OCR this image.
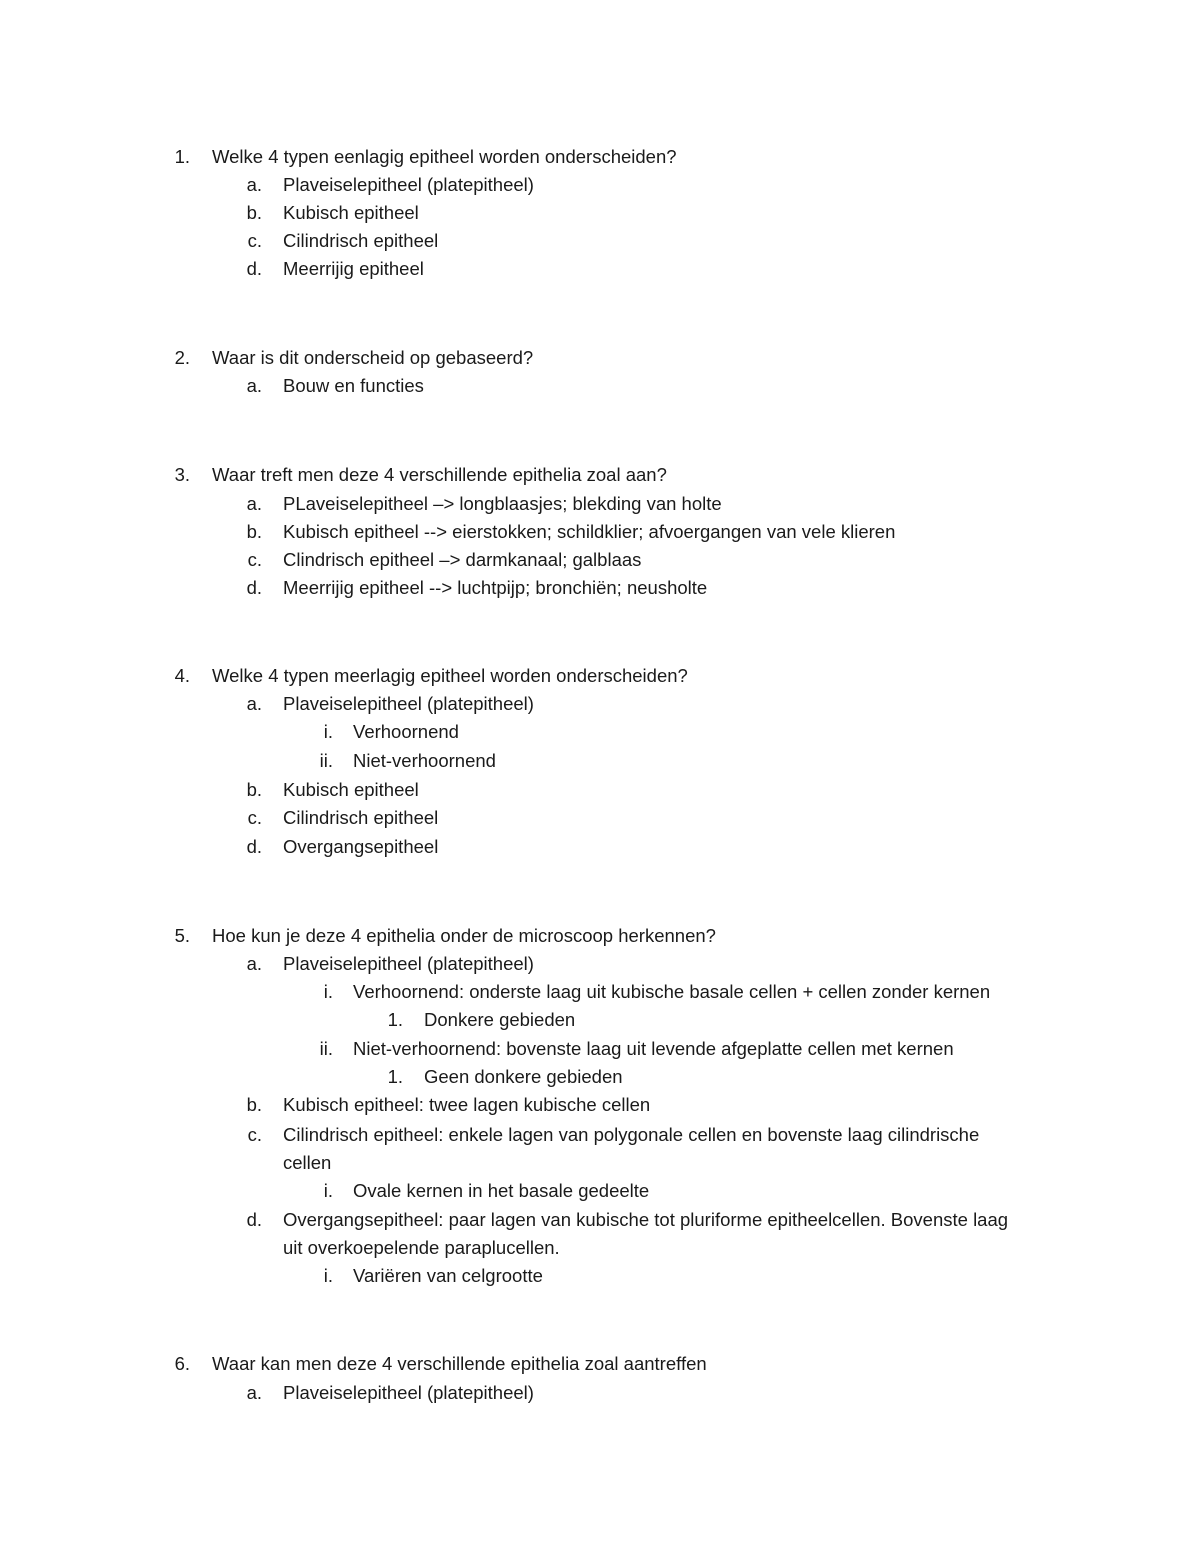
1. Welke 4 typen eenlagig epitheel worden onderscheiden?
a. Plaveiselepitheel (platepitheel)
b. Kubisch epitheel
c. Cilindrisch epitheel
d. Meerrijig epitheel
2. Waar is dit onderscheid op gebaseerd?
a. Bouw en functies
3. Waar treft men deze 4 verschillende epithelia zoal aan?
a. PLaveiselepitheel –> longblaasjes; blekding van holte
b. Kubisch epitheel --> eierstokken; schildklier; afvoergangen van vele klieren
c. Clindrisch epitheel –> darmkanaal; galblaas
d. Meerrijig epitheel --> luchtpijp; bronchiën; neusholte
4. Welke 4 typen meerlagig epitheel worden onderscheiden?
a. Plaveiselepitheel (platepitheel)
i. Verhoornend
ii. Niet-verhoornend
b. Kubisch epitheel
c. Cilindrisch epitheel
d. Overgangsepitheel
5. Hoe kun je deze 4 epithelia onder de microscoop herkennen?
a. Plaveiselepitheel (platepitheel)
i. Verhoornend: onderste laag uit kubische basale cellen + cellen zonder kernen
1. Donkere gebieden
ii. Niet-verhoornend: bovenste laag uit levende afgeplatte cellen met kernen
1. Geen donkere gebieden
b. Kubisch epitheel: twee lagen kubische cellen
c. Cilindrisch epitheel: enkele lagen van polygonale cellen en bovenste laag cilindrische
cellen
i. Ovale kernen in het basale gedeelte
d. Overgangsepitheel: paar lagen van kubische tot pluriforme epitheelcellen. Bovenste laag
uit overkoepelende paraplucellen.
i. Variëren van celgrootte
6. Waar kan men deze 4 verschillende epithelia zoal aantreffen
a. Plaveiselepitheel (platepitheel)
